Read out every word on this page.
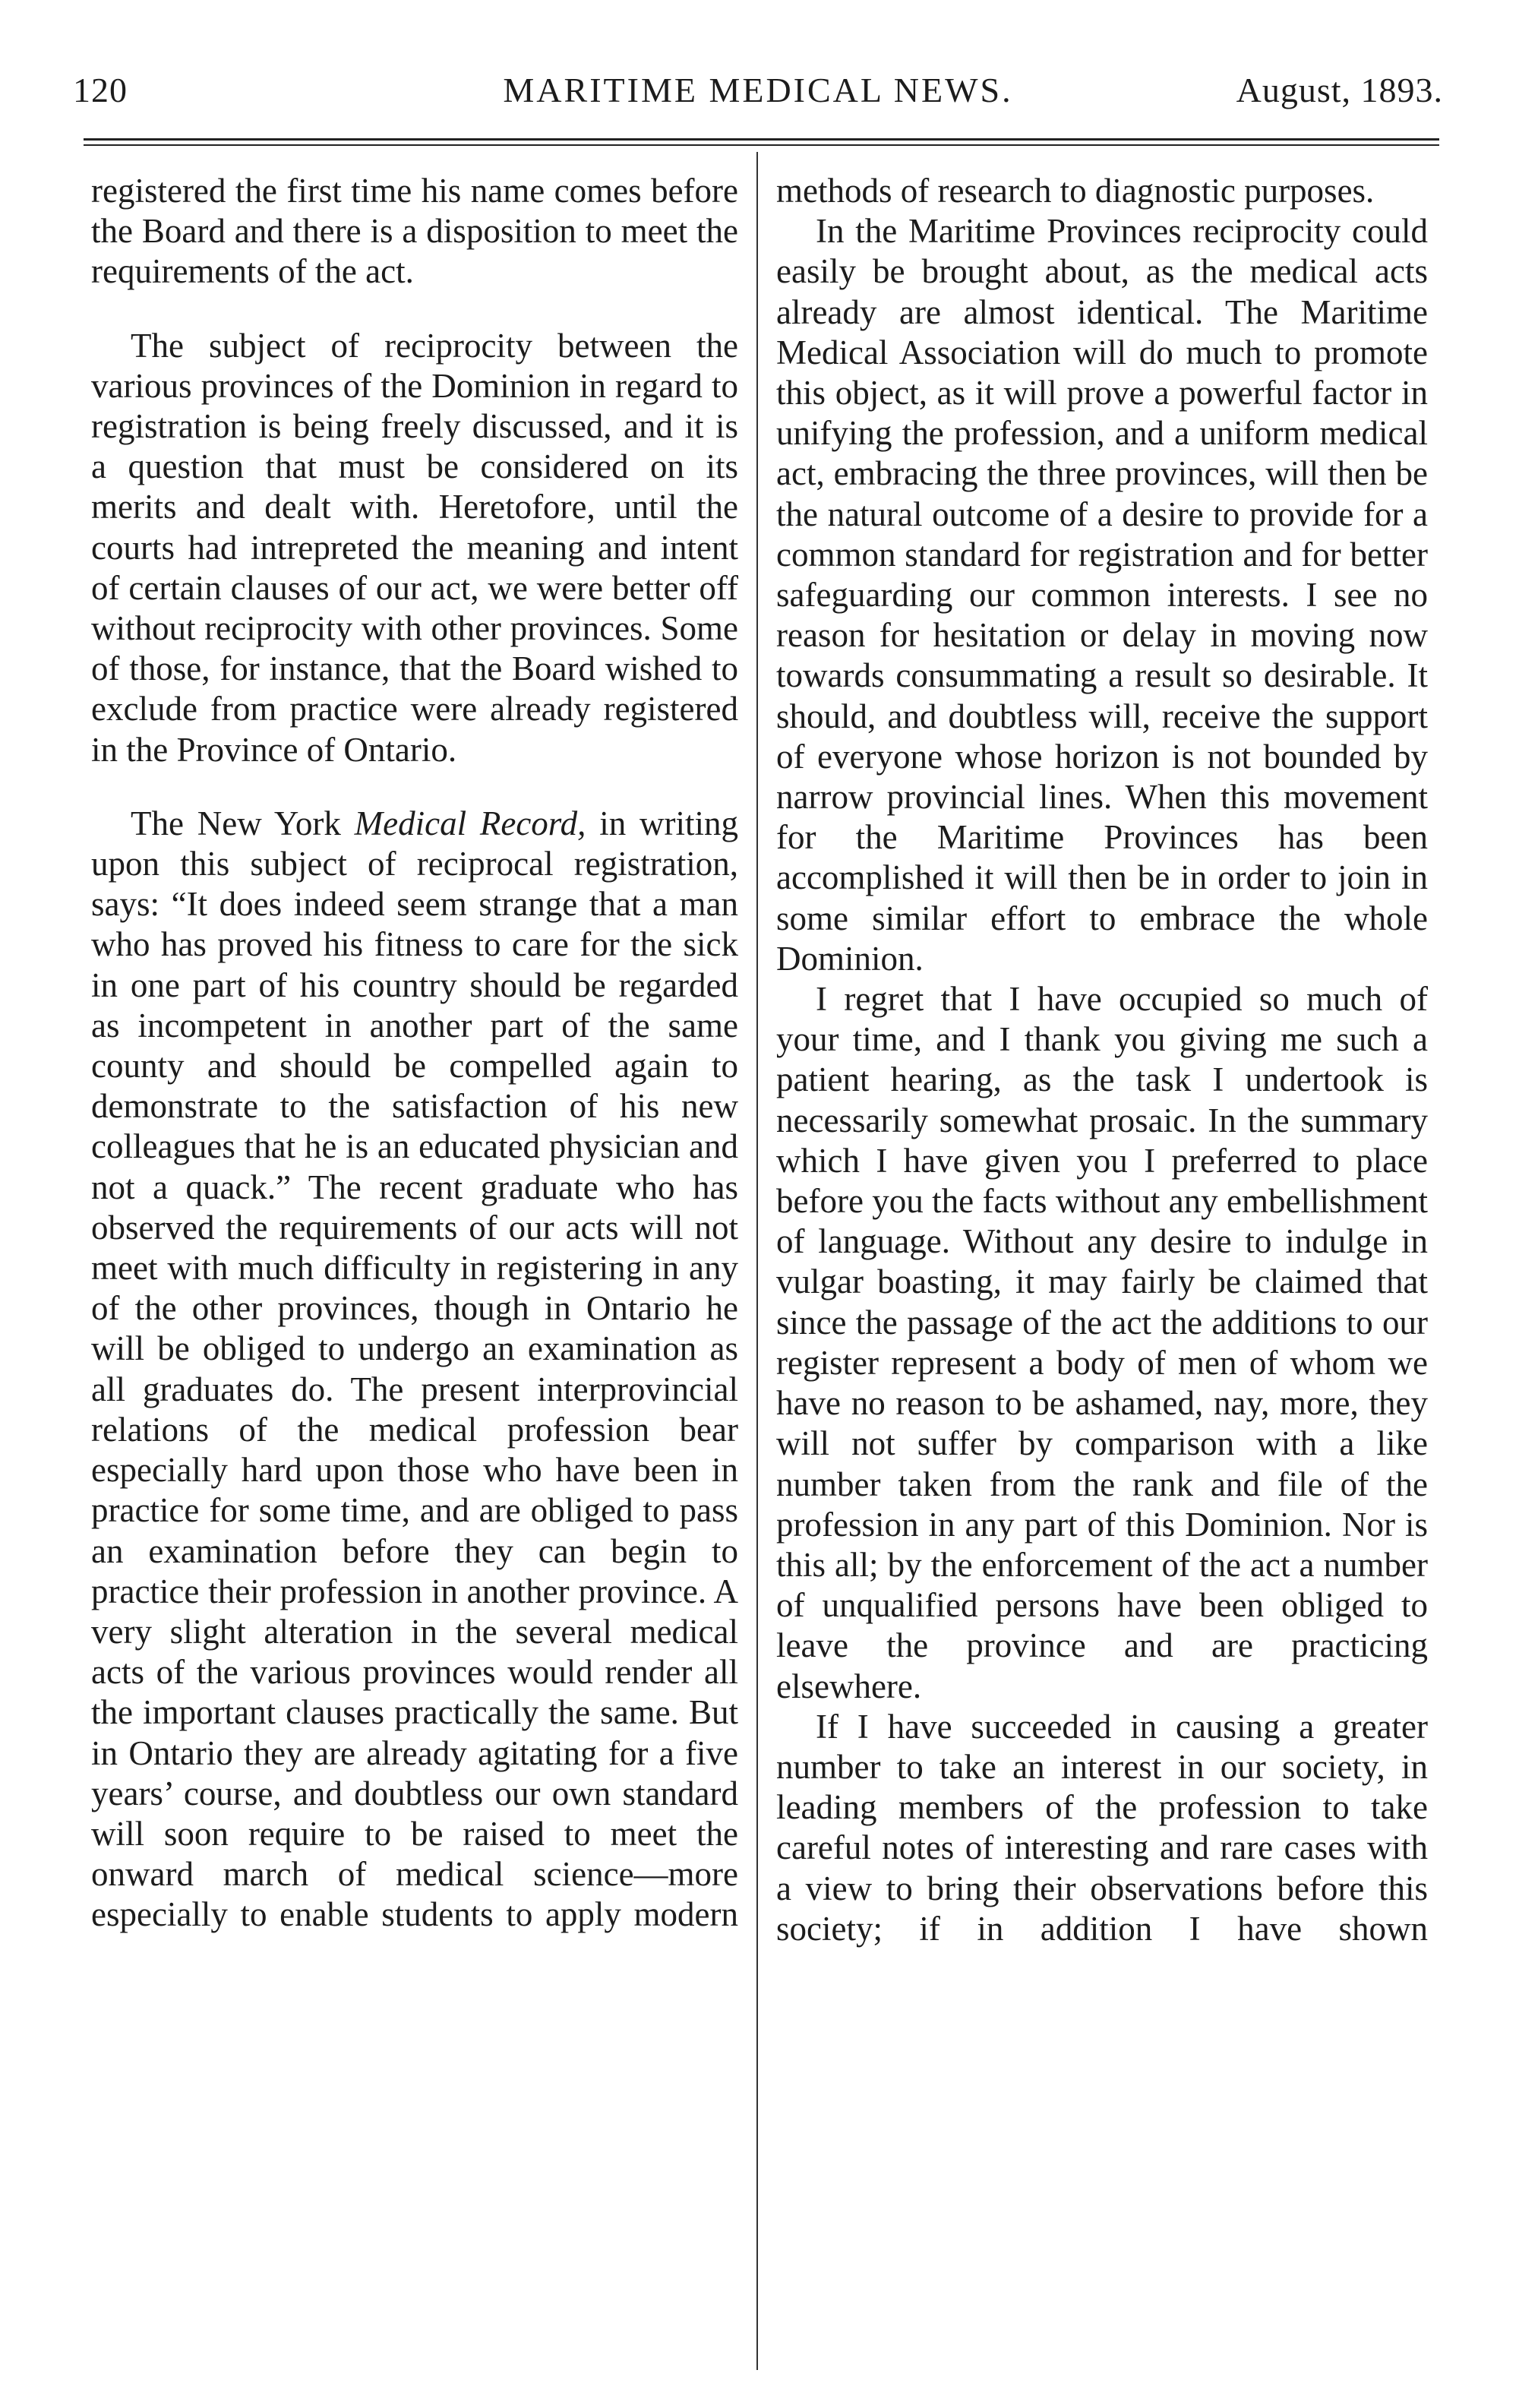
120	MARITIME MEDICAL NEWS.	August, 1893.

registered the first time his name comes before the Board and there is a disposition to meet the requirements of the act.

The subject of reciprocity between the various provinces of the Dominion in regard to registration is being freely discussed, and it is a question that must be considered on its merits and dealt with. Heretofore, until the courts had intrepreted the meaning and intent of certain clauses of our act, we were better off without reciprocity with other provinces. Some of those, for instance, that the Board wished to exclude from practice were already registered in the Province of Ontario.

The New York Medical Record, in writing upon this subject of reciprocal registration, says: “It does indeed seem strange that a man who has proved his fitness to care for the sick in one part of his country should be regarded as incompetent in another part of the same county and should be compelled again to demonstrate to the satisfaction of his new colleagues that he is an educated physician and not a quack.” The recent graduate who has observed the requirements of our acts will not meet with much difficulty in registering in any of the other provinces, though in Ontario he will be obliged to undergo an examination as all graduates do. The present interprovincial relations of the medical profession bear especially hard upon those who have been in practice for some time, and are obliged to pass an examination before they can begin to practice their profession in another province. A very slight alteration in the several medical acts of the various provinces would render all the important clauses practically the same. But in Ontario they are already agitating for a five years’ course, and doubtless our own standard will soon require to be raised to meet the onward march of medical science—more especially to enable students to apply modern

methods of research to diagnostic purposes.

In the Maritime Provinces reciprocity could easily be brought about, as the medical acts already are almost identical. The Maritime Medical Association will do much to promote this object, as it will prove a powerful factor in unifying the profession, and a uniform medical act, embracing the three provinces, will then be the natural outcome of a desire to provide for a common standard for registration and for better safeguarding our common interests. I see no reason for hesitation or delay in moving now towards consummating a result so desirable. It should, and doubtless will, receive the support of everyone whose horizon is not bounded by narrow provincial lines. When this movement for the Maritime Provinces has been accomplished it will then be in order to join in some similar effort to embrace the whole Dominion.

I regret that I have occupied so much of your time, and I thank you giving me such a patient hearing, as the task I undertook is necessarily somewhat prosaic. In the summary which I have given you I preferred to place before you the facts without any embellishment of language. Without any desire to indulge in vulgar boasting, it may fairly be claimed that since the passage of the act the additions to our register represent a body of men of whom we have no reason to be ashamed, nay, more, they will not suffer by comparison with a like number taken from the rank and file of the profession in any part of this Dominion. Nor is this all; by the enforcement of the act a number of unqualified persons have been obliged to leave the province and are practicing elsewhere.

If I have succeeded in causing a greater number to take an interest in our society, in leading members of the profession to take careful notes of interesting and rare cases with a view to bring their observations before this society; if in addition I have shown
